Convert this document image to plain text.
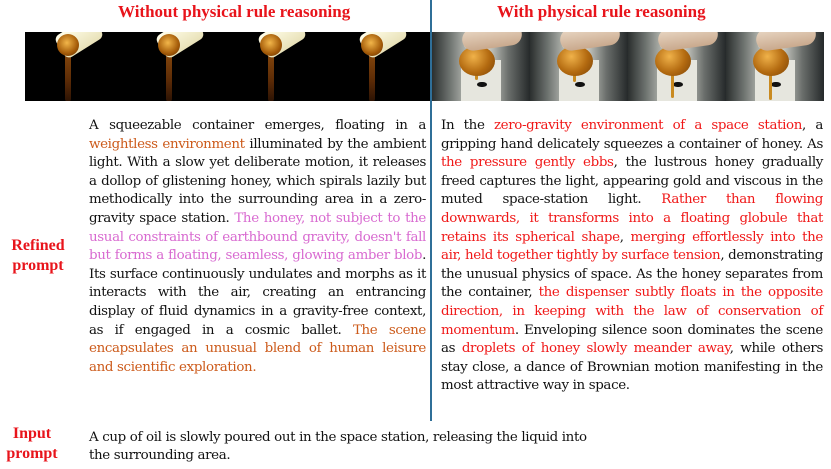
Without physical rule reasoning	With physical rule reasoning
Refined prompt
A squeezable container emerges, floating in a weightless environment illuminated by the ambient light. With a slow yet deliberate motion, it releases a dollop of glistening honey, which spirals lazily but methodically into the surrounding area in a zero-gravity space station. The honey, not subject to the usual constraints of earthbound gravity, doesn't fall but forms a floating, seamless, glowing amber blob. Its surface continuously undulates and morphs as it interacts with the air, creating an entrancing display of fluid dynamics in a gravity-free context, as if engaged in a cosmic ballet. The scene encapsulates an unusual blend of human leisure and scientific exploration.
In the zero-gravity environment of a space station, a gripping hand delicately squeezes a container of honey. As the pressure gently ebbs, the lustrous honey gradually freed captures the light, appearing gold and viscous in the muted space-station light. Rather than flowing downwards, it transforms into a floating globule that retains its spherical shape, merging effortlessly into the air, held together tightly by surface tension, demonstrating the unusual physics of space. As the honey separates from the container, the dispenser subtly floats in the opposite direction, in keeping with the law of conservation of momentum. Enveloping silence soon dominates the scene as droplets of honey slowly meander away, while others stay close, a dance of Brownian motion manifesting in the most attractive way in space.
Input prompt
A cup of oil is slowly poured out in the space station, releasing the liquid into the surrounding area.
